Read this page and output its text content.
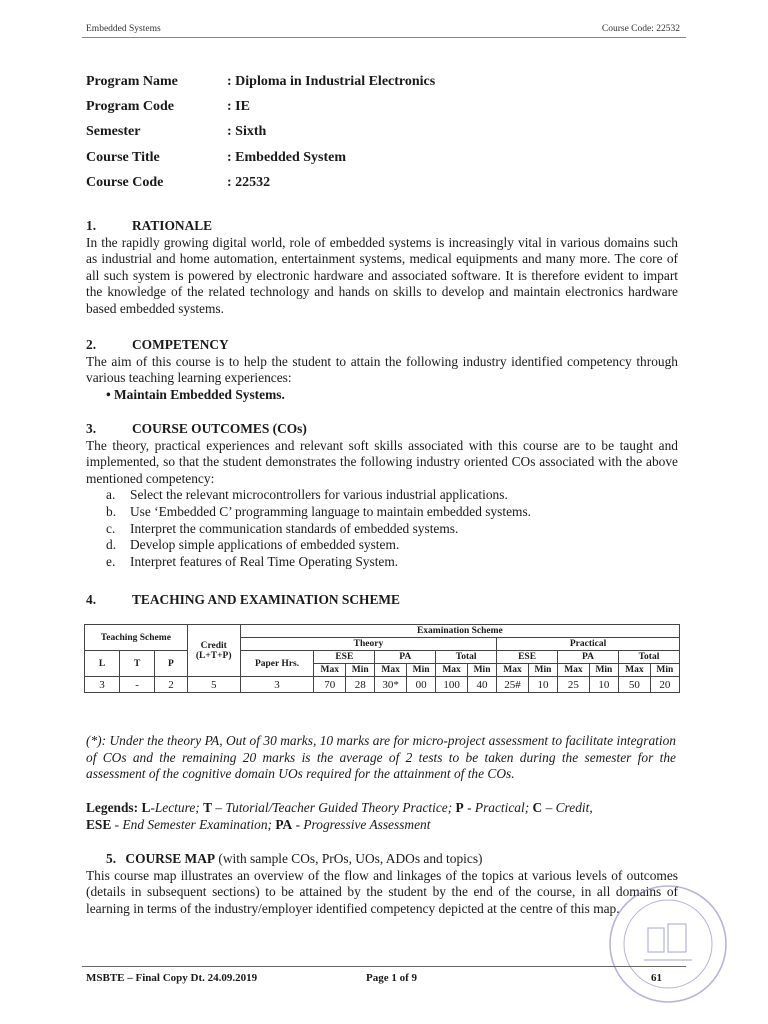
Embedded Systems	Course Code: 22532
Program Name	: Diploma in Industrial Electronics
Program Code	: IE
Semester	: Sixth
Course Title	: Embedded System
Course Code	: 22532
1.	RATIONALE

In the rapidly growing digital world, role of embedded systems is increasingly vital in various domains such as industrial and home automation, entertainment systems, medical equipments and many more. The core of all such system is powered by electronic hardware and associated software. It is therefore evident to impart the knowledge of the related technology and hands on skills to develop and maintain electronics hardware based embedded systems.

2.	COMPETENCY

The aim of this course is to help the student to attain the following industry identified competency through various teaching learning experiences:

• Maintain Embedded Systems.
3.	COURSE OUTCOMES (COs)

The theory, practical experiences and relevant soft skills associated with this course are to be taught and implemented, so that the student demonstrates the following industry oriented COs associated with the above mentioned competency:

a.	Select the relevant microcontrollers for various industrial applications.
b.	Use ‘Embedded C’ programming language to maintain embedded systems.
c.	Interpret the communication standards of embedded systems.
d.	Develop simple applications of embedded system.
e.	Interpret features of Real Time Operating System.
4.	TEACHING AND EXAMINATION SCHEME
Teaching Scheme			Credit (L+T+P)	Examination Scheme												
				Theory							Practical					
L	T	P		Paper Hrs.	ESE		PA		Total		ESE		PA		Total	
					Max	Min	Max	Min	Max	Min	Max	Min	Max	Min	Max	Min
3	-	2	5	3	70	28	30*	00	100	40	25#	10	25	10	50	20

(*): Under the theory PA, Out of 30 marks, 10 marks are for micro-project assessment to facilitate integration of COs and the remaining 20 marks is the average of 2 tests to be taken during the semester for the assessment of the cognitive domain UOs required for the attainment of the COs.

Legends: L-Lecture; T – Tutorial/Teacher Guided Theory Practice; P - Practical; C – Credit,
ESE - End Semester Examination; PA - Progressive Assessment
5. COURSE MAP (with sample COs, PrOs, UOs, ADOs and topics)

This course map illustrates an overview of the flow and linkages of the topics at various levels of outcomes (details in subsequent sections) to be attained by the student by the end of the course, in all domains of learning in terms of the industry/employer identified competency depicted at the centre of this map.

MSBTE – Final Copy Dt. 24.09.2019	Page 1 of 9	61
